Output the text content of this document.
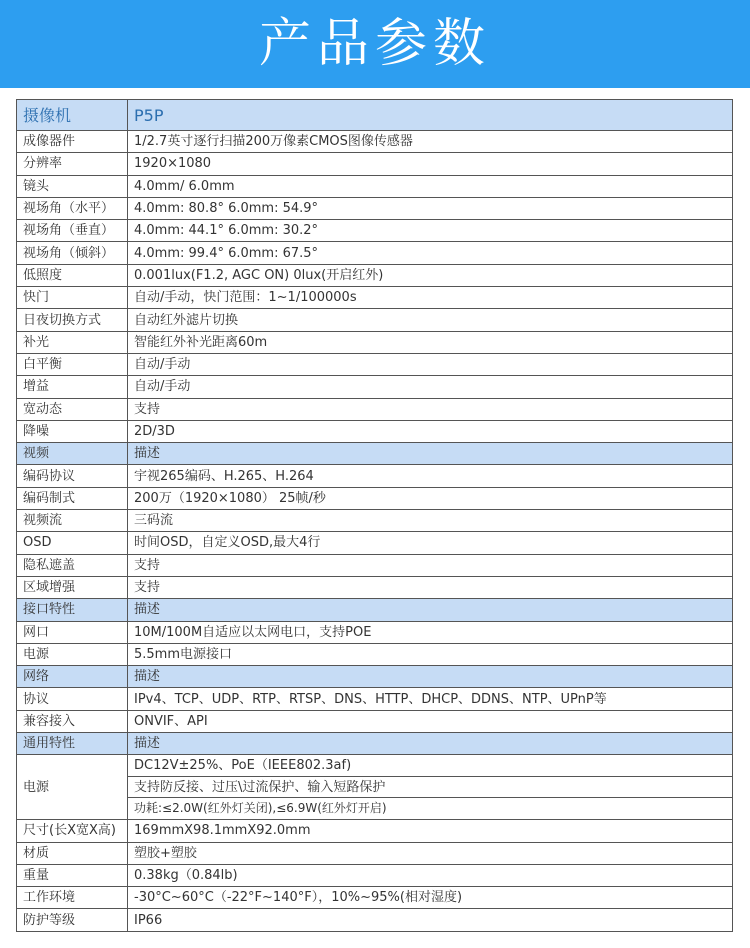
产品参数
摄像机	P5P
成像器件	1/2.7英寸逐行扫描200万像素CMOS图像传感器
分辨率	1920×1080
镜头	4.0mm/ 6.0mm
视场角（水平）	4.0mm: 80.8° 6.0mm: 54.9°
视场角（垂直）	4.0mm: 44.1° 6.0mm: 30.2°
视场角（倾斜）	4.0mm: 99.4° 6.0mm: 67.5°
低照度	0.001lux(F1.2, AGC ON) 0lux(开启红外)
快门	自动/手动，快门范围：1~1/100000s
日夜切换方式	自动红外滤片切换
补光	智能红外补光距离60m
白平衡	自动/手动
增益	自动/手动
宽动态	支持
降噪	2D/3D
视频	描述
编码协议	宇视265编码、H.265、H.264
编码制式	200万（1920×1080） 25帧/秒
视频流	三码流
OSD	时间OSD，自定义OSD,最大4行
隐私遮盖	支持
区域增强	支持
接口特性	描述
网口	10M/100M自适应以太网电口，支持POE
电源	5.5mm电源接口
网络	描述
协议	IPv4、TCP、UDP、RTP、RTSP、DNS、HTTP、DHCP、DDNS、NTP、UPnP等
兼容接入	ONVIF、API
通用特性	描述
电源	DC12V±25%、PoE（IEEE802.3af)
支持防反接、过压\过流保护、输入短路保护
功耗:≤2.0W(红外灯关闭),≤6.9W(红外灯开启)

尺寸(长X宽X高)	169mmX98.1mmX92.0mm
材质	塑胶+塑胶
重量	0.38kg（0.84lb)
工作环境	-30°C~60°C（-22°F~140°F），10%~95%(相对湿度)
防护等级	IP66
